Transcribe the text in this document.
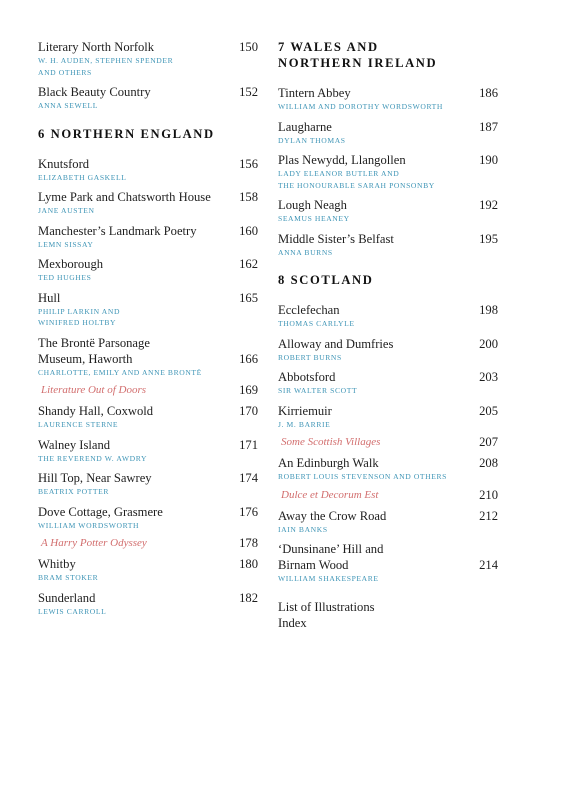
Literary North Norfolk	150
W. H. AUDEN, STEPHEN SPENDER
AND OTHERS
Black Beauty Country	152
ANNA SEWELL
6 NORTHERN ENGLAND
Knutsford	156
ELIZABETH GASKELL
Lyme Park and Chatsworth House	158
JANE AUSTEN
Manchester’s Landmark Poetry	160
LEMN SISSAY
Mexborough	162
TED HUGHES
Hull	165
PHILIP LARKIN AND
WINIFRED HOLTBY
The Brontë Parsonage
Museum, Haworth	166
CHARLOTTE, EMILY AND ANNE BRONTË
Literature Out of Doors	169
Shandy Hall, Coxwold	170
LAURENCE STERNE
Walney Island	171
THE REVEREND W. AWDRY
Hill Top, Near Sawrey	174
BEATRIX POTTER
Dove Cottage, Grasmere	176
WILLIAM WORDSWORTH
A Harry Potter Odyssey	178
Whitby	180
BRAM STOKER
Sunderland	182
LEWIS CARROLL
7 WALES AND
NORTHERN IRELAND
Tintern Abbey	186
WILLIAM AND DOROTHY WORDSWORTH
Laugharne	187
DYLAN THOMAS
Plas Newydd, Llangollen	190
LADY ELEANOR BUTLER AND
THE HONOURABLE SARAH PONSONBY
Lough Neagh	192
SEAMUS HEANEY
Middle Sister’s Belfast	195
ANNA BURNS
8 SCOTLAND
Ecclefechan	198
THOMAS CARLYLE
Alloway and Dumfries	200
ROBERT BURNS
Abbotsford	203
SIR WALTER SCOTT
Kirriemuir	205
J. M. BARRIE
Some Scottish Villages	207
An Edinburgh Walk	208
ROBERT LOUIS STEVENSON AND OTHERS
Dulce et Decorum Est	210
Away the Crow Road	212
IAIN BANKS
‘Dunsinane’ Hill and
Birnam Wood	214
WILLIAM SHAKESPEARE
List of Illustrations
Index
